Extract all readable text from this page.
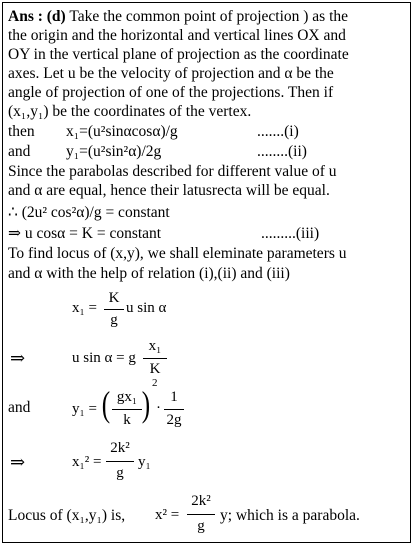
Ans : (d) Take the common point of projection ) as the
the origin and the horizontal and vertical lines OX and
OY in the vertical plane of projection as the coordinate
axes. Let u be the velocity of projection and α be the
angle of projection of one of the projections. Then if
(x₁,y₁) be the coordinates of the vertex.
then x₁=(u²sinαcosα)/g	.......(i)
and y₁=(u²sin²α)/2g	........(ii)
Since the parabolas described for different value of u
and α are equal, hence their latusrecta will be equal.
∴ (2u² cos²α)/g = constant
⇒ u cosα = K = constant	.........(iii)
To find locus of (x,y), we shall eleminate parameters u
and α with the help of relation (i),(ii) and (iii)
x₁ =
K
g
u sin α
⇒	u sin α = g
x₁
K
and	y₁ = ( gx₁
k )
2
·
1
2g
⇒	x₁² =
2k²
g
y₁
Locus of (x₁,y₁) is, x² =
2k²
g
y; which is a parabola.
